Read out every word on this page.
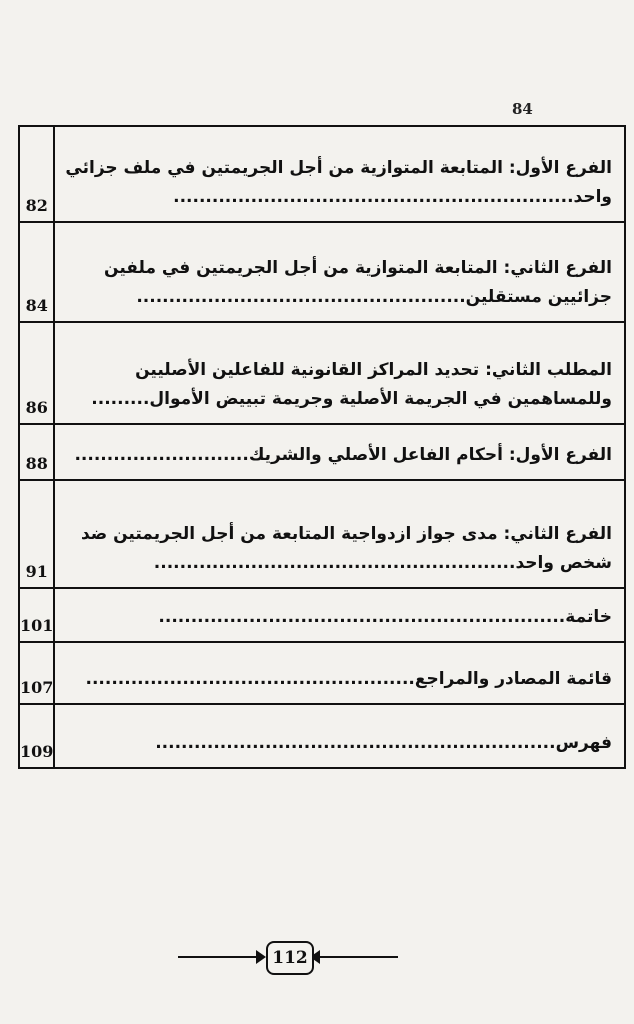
84
82	الفرع الأول: المتابعة المتوازية من أجل الجريمتين في ملف جزائي
واحد..............................................................

84	الفرع الثاني: المتابعة المتوازية من أجل الجريمتين في ملفين
جزائيين مستقلين...................................................

86	المطلب الثاني: تحديد المراكز القانونية للفاعلين الأصليين
وللمساهمين في الجريمة الأصلية وجريمة تبييض الأموال.........

88	الفرع الأول: أحكام الفاعل الأصلي والشريك...........................

91	الفرع الثاني: مدى جواز ازدواجية المتابعة من أجل الجريمتين ضد
شخص واحد........................................................

101	خاتمة...............................................................

107	قائمة المصادر والمراجع...................................................

109	فهرس..............................................................
112
